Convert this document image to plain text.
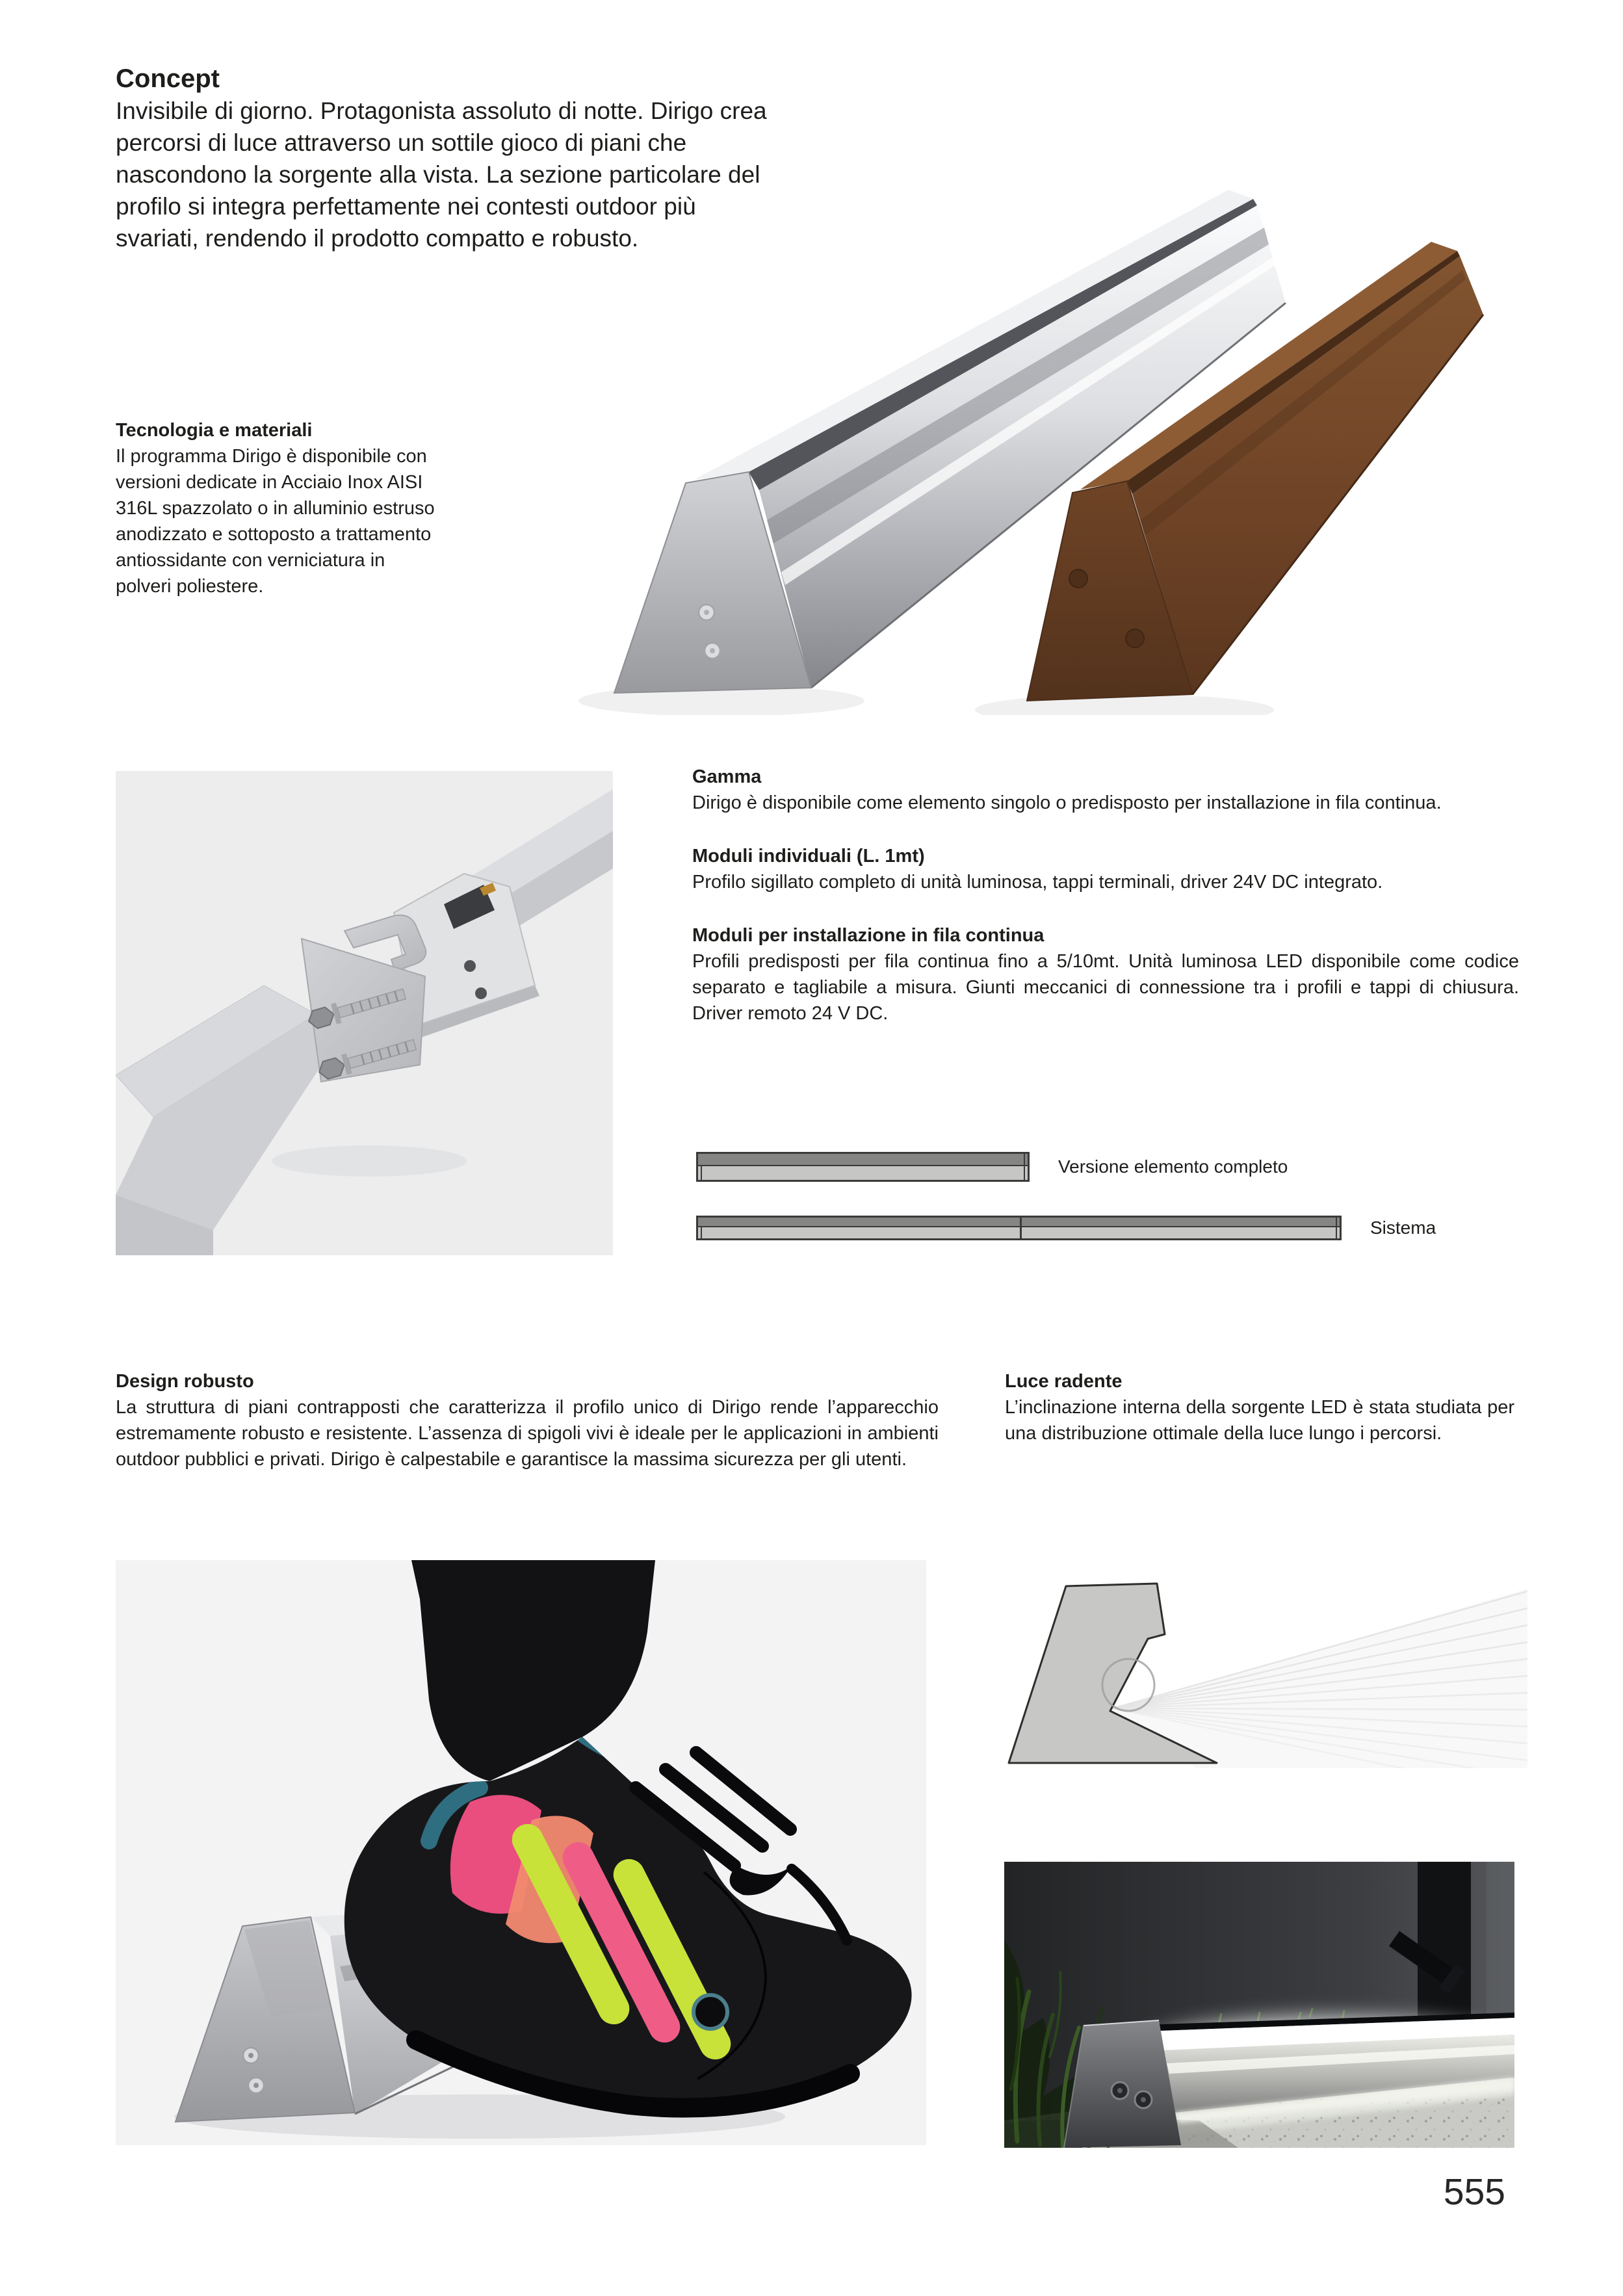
Concept

Invisibile di giorno. Protagonista assoluto di notte. Dirigo crea percorsi di luce attraverso un sottile gioco di piani che nascondono la sorgente alla vista. La sezione particolare del profilo si integra perfettamente nei contesti outdoor più svariati, rendendo il prodotto compatto e robusto.

Tecnologia e materiali

Il programma Dirigo è disponibile con versioni dedicate in Acciaio Inox AISI 316L spazzolato o in alluminio estruso anodizzato e sottoposto a trattamento antiossidante con verniciatura in polveri poliestere.

Gamma

Dirigo è disponibile come elemento singolo o predisposto per installazione in fila continua.

Moduli individuali (L. 1mt)

Profilo sigillato completo di unità luminosa, tappi terminali, driver 24V DC integrato.

Moduli per installazione in fila continua

Profili predisposti per fila continua fino a 5/10mt. Unità luminosa LED disponibile come codice separato e tagliabile a misura. Giunti meccanici di connessione tra i profili e tappi di chiusura. Driver remoto 24 V DC.

Versione elemento completo
Sistema
Design robusto

La struttura di piani contrapposti che caratterizza il profilo unico di Dirigo rende l’apparecchio estremamente robusto e resistente. L’assenza di spigoli vivi è ideale per le applicazioni in ambienti outdoor pubblici e privati. Dirigo è calpestabile e garantisce la massima sicurezza per gli utenti.

Luce radente

L’inclinazione interna della sorgente LED è stata studiata per una distribuzione ottimale della luce lungo i percorsi.

555
